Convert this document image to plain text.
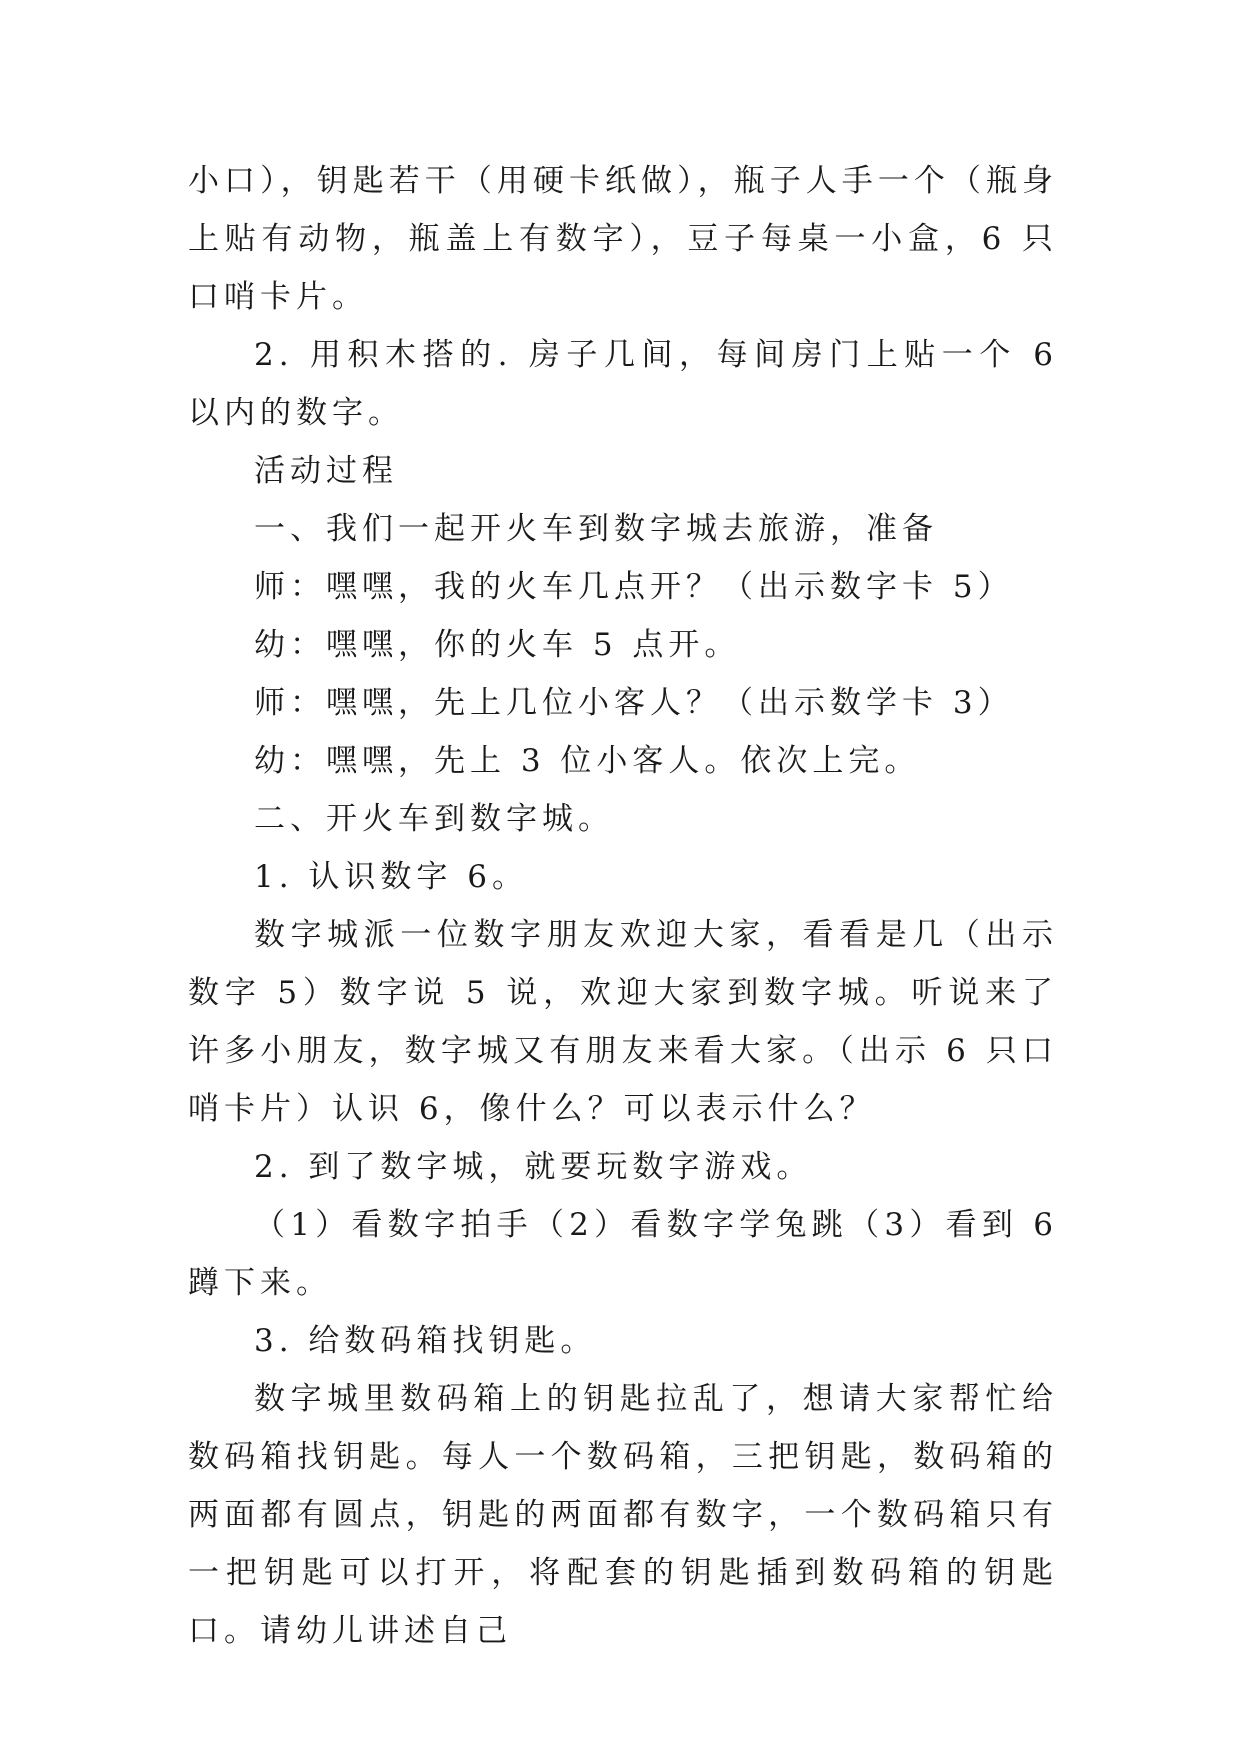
小口），钥匙若干（用硬卡纸做），瓶子人手一个（瓶身上贴有动物，瓶盖上有数字），豆子每桌一小盒，6 只口哨卡片。

2. 用积木搭的. 房子几间，每间房门上贴一个 6 以内的数字。

活动过程

一、我们一起开火车到数字城去旅游，准备

师：嘿嘿，我的火车几点开？（出示数字卡 5）

幼：嘿嘿，你的火车 5 点开。

师：嘿嘿，先上几位小客人？（出示数学卡 3）

幼：嘿嘿，先上 3 位小客人。依次上完。

二、开火车到数字城。

1. 认识数字 6。

数字城派一位数字朋友欢迎大家，看看是几（出示数字 5）数字说 5 说，欢迎大家到数字城。听说来了许多小朋友，数字城又有朋友来看大家。（出示 6 只口哨卡片）认识 6，像什么？可以表示什么？

2. 到了数字城，就要玩数字游戏。

（1）看数字拍手（2）看数字学兔跳（3）看到 6 蹲下来。

3. 给数码箱找钥匙。

数字城里数码箱上的钥匙拉乱了，想请大家帮忙给数码箱找钥匙。每人一个数码箱，三把钥匙，数码箱的两面都有圆点，钥匙的两面都有数字，一个数码箱只有一把钥匙可以打开，将配套的钥匙插到数码箱的钥匙口。请幼儿讲述自己
